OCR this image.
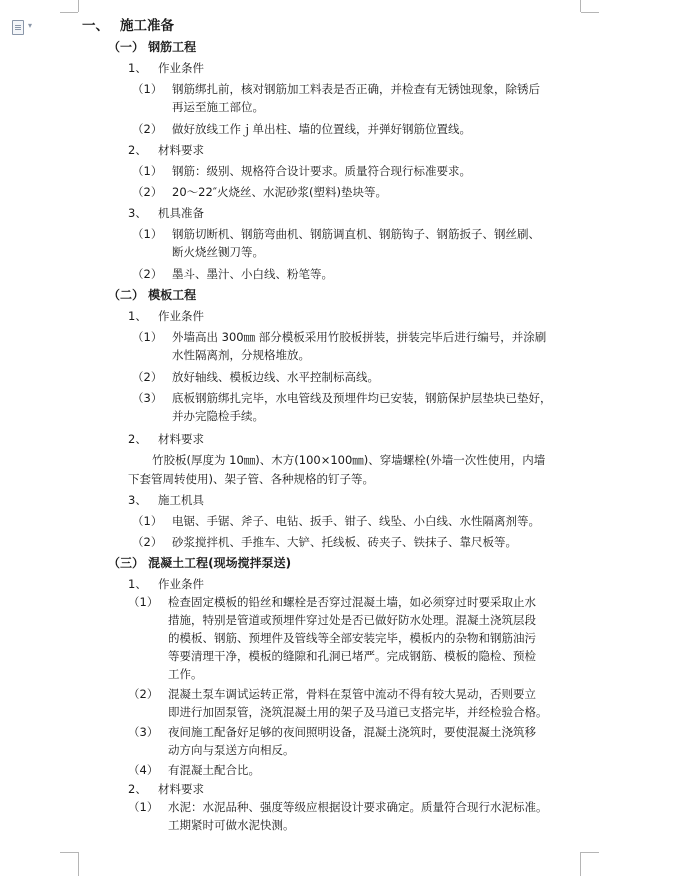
▾	一、 施工准备
（一） 钢筋工程
1、 作业条件
（1） 钢筋绑扎前，核对钢筋加工料表是否正确，并检查有无锈蚀现象，除锈后
再运至施工部位。
（2） 做好放线工作ｊ单出柱、墙的位置线，并弹好钢筋位置线。
2、 材料要求
（1） 钢筋：级别、规格符合设计要求。质量符合现行标准要求。
（2） 20～22″火烧丝、水泥砂浆(塑料)垫块等。
3、 机具准备
（1） 钢筋切断机、钢筋弯曲机、钢筋调直机、钢筋钩子、钢筋扳子、钢丝刷、
断火烧丝铡刀等。
（2） 墨斗、墨汁、小白线、粉笔等。
（二） 模板工程
1、 作业条件
（1） 外墙高出 300㎜ 部分模板采用竹胶板拼装，拼装完毕后进行编号，并涂刷
水性隔离剂，分规格堆放。
（2） 放好轴线、模板边线、水平控制标高线。
（3） 底板钢筋绑扎完毕，水电管线及预埋件均已安装，钢筋保护层垫块已垫好，
并办完隐检手续。
2、 材料要求
竹胶板(厚度为 10㎜)、木方(100×100㎜)、穿墙螺栓(外墙一次性使用，内墙
下套管周转使用)、架子管、各种规格的钉子等。
3、 施工机具
（1） 电锯、手锯、斧子、电钻、扳手、钳子、线坠、小白线、水性隔离剂等。
（2） 砂浆搅拌机、手推车、大铲、托线板、砖夹子、铁抹子、靠尺板等。
（三） 混凝土工程(现场搅拌泵送)
1、 作业条件
（1） 检查固定模板的铅丝和螺栓是否穿过混凝土墙，如必须穿过时要采取止水
措施，特别是管道或预埋件穿过处是否已做好防水处理。混凝土浇筑层段
的模板、钢筋、预埋件及管线等全部安装完毕，模板内的杂物和钢筋油污
等要清理干净，模板的缝隙和孔洞已堵严。完成钢筋、模板的隐检、预检
工作。
（2） 混凝土泵车调试运转正常，骨料在泵管中流动不得有较大晃动，否则要立
即进行加固泵管，浇筑混凝土用的架子及马道已支搭完毕，并经检验合格。
（3） 夜间施工配备好足够的夜间照明设备，混凝土浇筑时，要使混凝土浇筑移
动方向与泵送方向相反。
（4） 有混凝土配合比。
2、 材料要求
（1） 水泥：水泥品种、强度等级应根据设计要求确定。质量符合现行水泥标准。
工期紧时可做水泥快测。
